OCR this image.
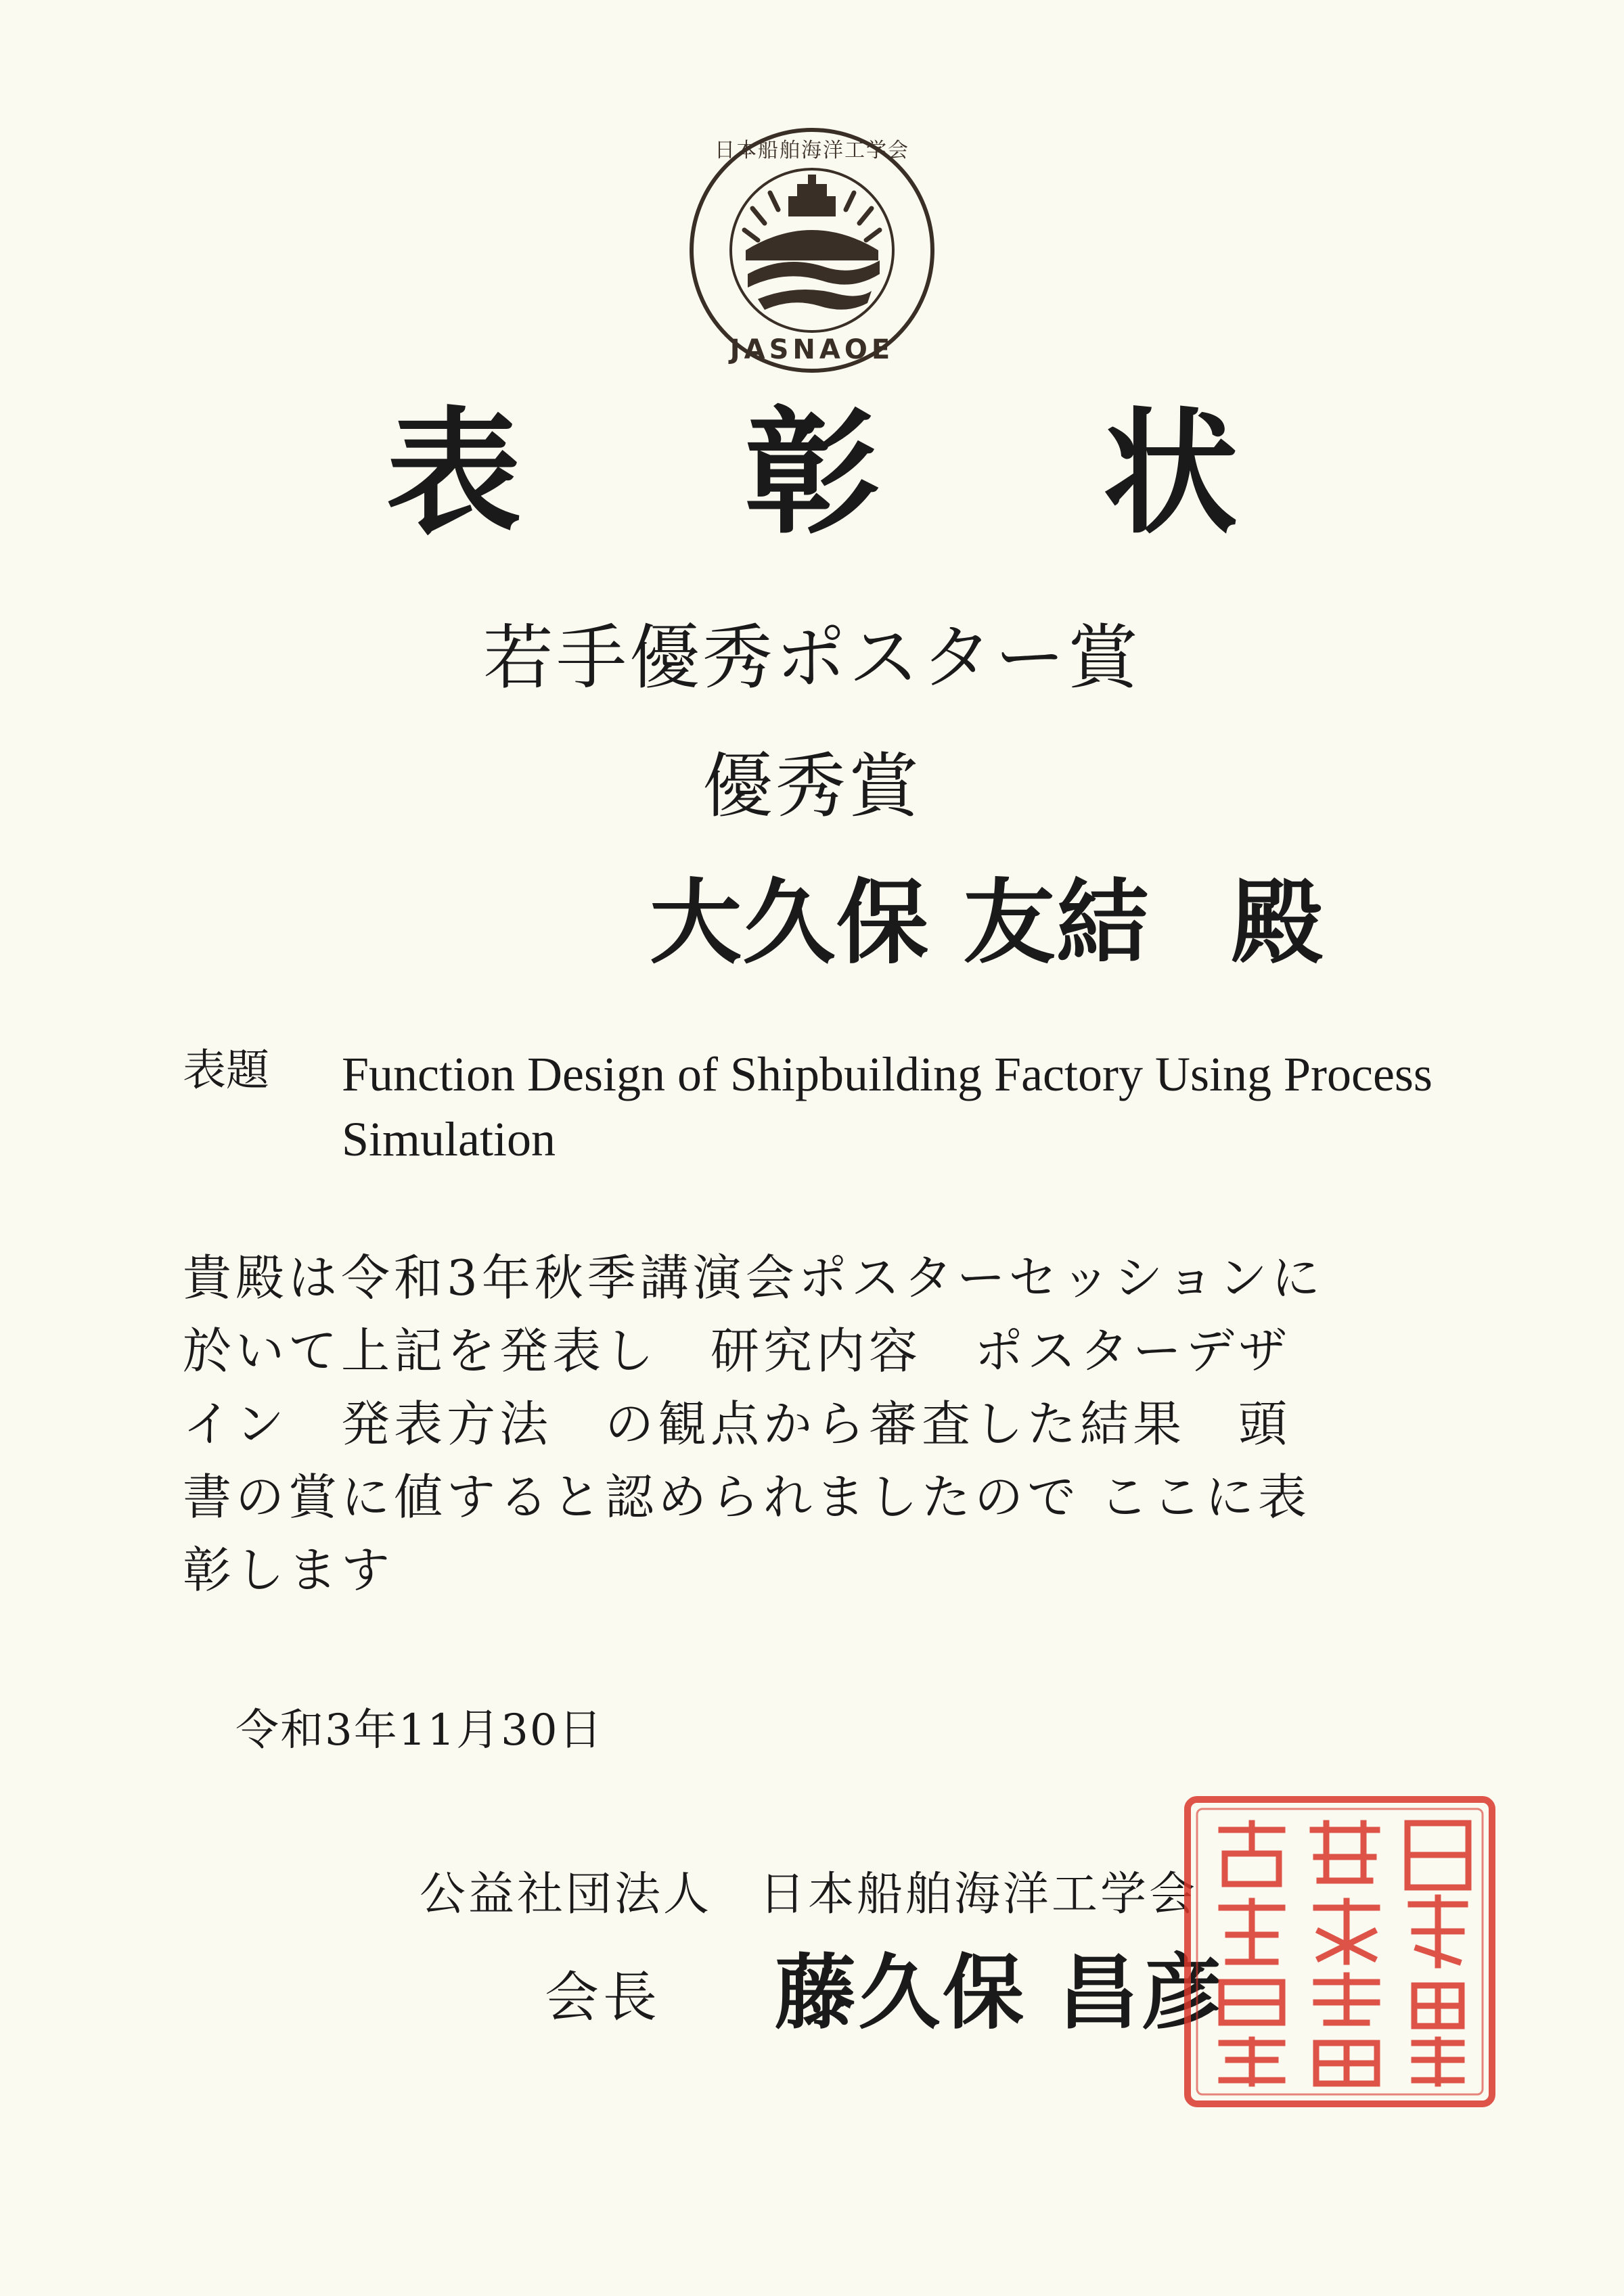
日本船舶海洋工学会
JASNAOE
表 彰 状
若手優秀ポスター賞
優秀賞
大久保 友結 殿
表題 Function Design of Shipbuilding Factory Using Process Simulation
貴殿は令和3年秋季講演会ポスターセッションに
於いて上記を発表し　研究内容　ポスターデザ
イン　発表方法　の観点から審査した結果　頭
書の賞に値すると認められましたので ここに表
彰します
令和3年11月30日
公益社団法人 日本船舶海洋工学会
会長 藤久保 昌彦
日本船舶海洋工学会長之印
